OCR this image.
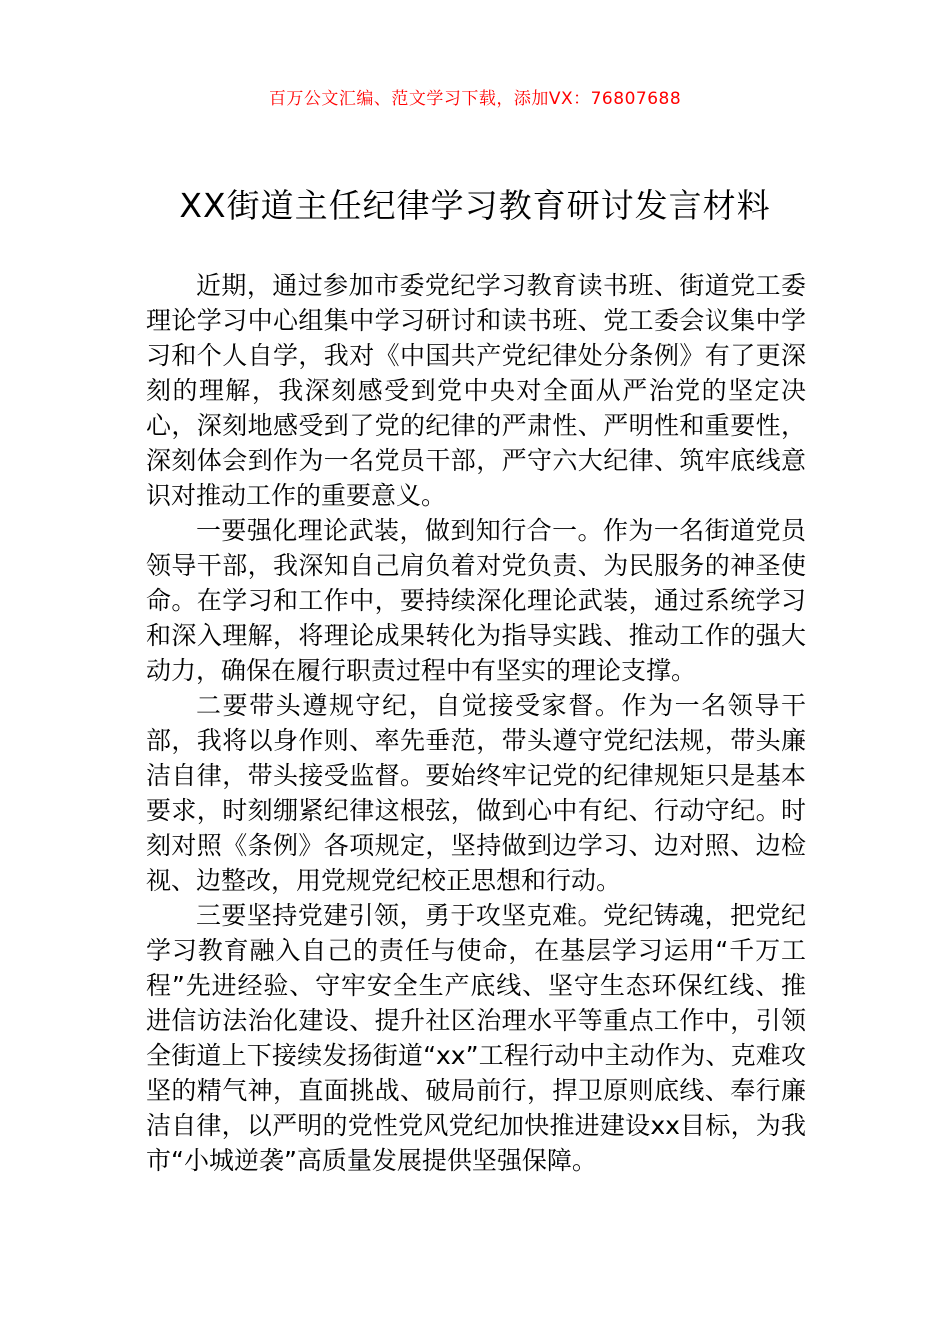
百万公文汇编、范文学习下载，添加VX：76807688
XX街道主任纪律学习教育研讨发言材料

近期，通过参加市委党纪学习教育读书班、街道党工委理论学习中心组集中学习研讨和读书班、党工委会议集中学习和个人自学，我对《中国共产党纪律处分条例》有了更深刻的理解，我深刻感受到党中央对全面从严治党的坚定决心，深刻地感受到了党的纪律的严肃性、严明性和重要性，深刻体会到作为一名党员干部，严守六大纪律、筑牢底线意识对推动工作的重要意义。

一要强化理论武装，做到知行合一。作为一名街道党员领导干部，我深知自己肩负着对党负责、为民服务的神圣使命。在学习和工作中，要持续深化理论武装，通过系统学习和深入理解，将理论成果转化为指导实践、推动工作的强大动力，确保在履行职责过程中有坚实的理论支撑。

二要带头遵规守纪，自觉接受家督。作为一名领导干部，我将以身作则、率先垂范，带头遵守党纪法规，带头廉洁自律，带头接受监督。要始终牢记党的纪律规矩只是基本要求，时刻绷紧纪律这根弦，做到心中有纪、行动守纪。时刻对照《条例》各项规定，坚持做到边学习、边对照、边检视、边整改，用党规党纪校正思想和行动。

三要坚持党建引领，勇于攻坚克难。党纪铸魂，把党纪学习教育融入自己的责任与使命，在基层学习运用“千万工程”先进经验、守牢安全生产底线、坚守生态环保红线、推进信访法治化建设、提升社区治理水平等重点工作中，引领全街道上下接续发扬街道“xx”工程行动中主动作为、克难攻坚的精气神，直面挑战、破局前行，捍卫原则底线、奉行廉洁自律，以严明的党性党风党纪加快推进建设xx目标，为我市“小城逆袭”高质量发展提供坚强保障。
